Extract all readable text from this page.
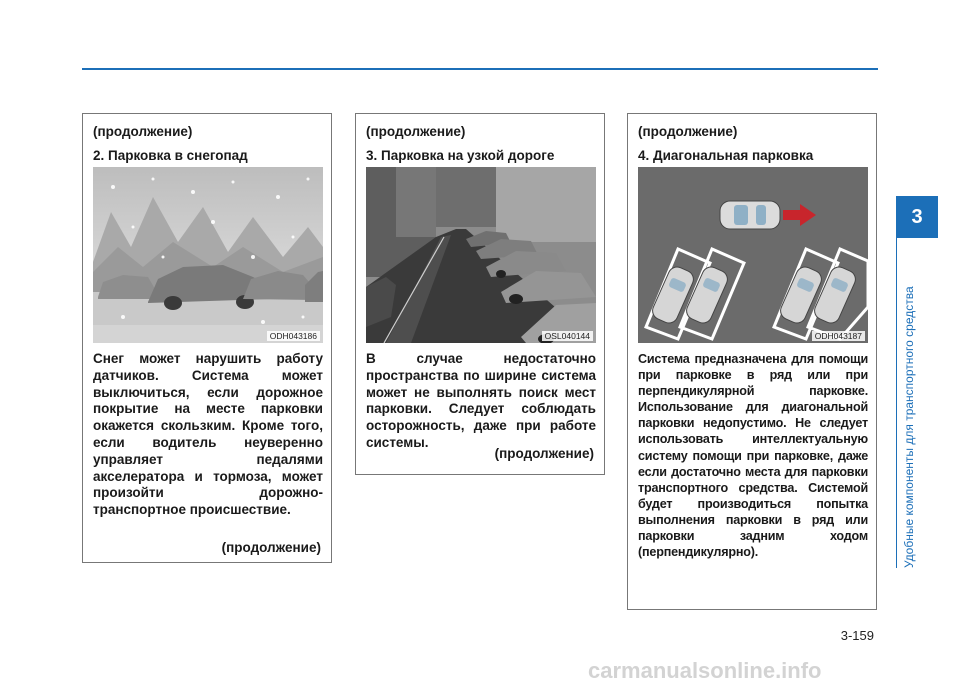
(продолжение)
2. Парковка в снегопад
ODH043186
Снег может нарушить работу датчиков. Система может выключиться, если дорожное покрытие на месте парковки окажется скользким. Кроме того, если водитель неуверенно управляет педалями акселератора и тормоза, может произойти дорожно-транспортное происшествие.
(продолжение)
(продолжение)
3. Парковка на узкой дороге
OSL040144
В случае недостаточно пространства по ширине система может не выполнять поиск мест парковки. Следует соблюдать осторожность, даже при работе системы.
(продолжение)
(продолжение)
4. Диагональная парковка
ODH043187
Система предназначена для помощи при парковке в ряд или при перпендикулярной парковке. Использование для диагональной парковки недопустимо. Не следует использовать интеллектуальную систему помощи при парковке, даже если достаточно места для парковки транспортного средства. Системой будет производиться попытка выполнения парковки в ряд или парковки задним ходом (перпендикулярно).
3
Удобные компоненты для транспортного средства
3-159
carmanualsonline.info
